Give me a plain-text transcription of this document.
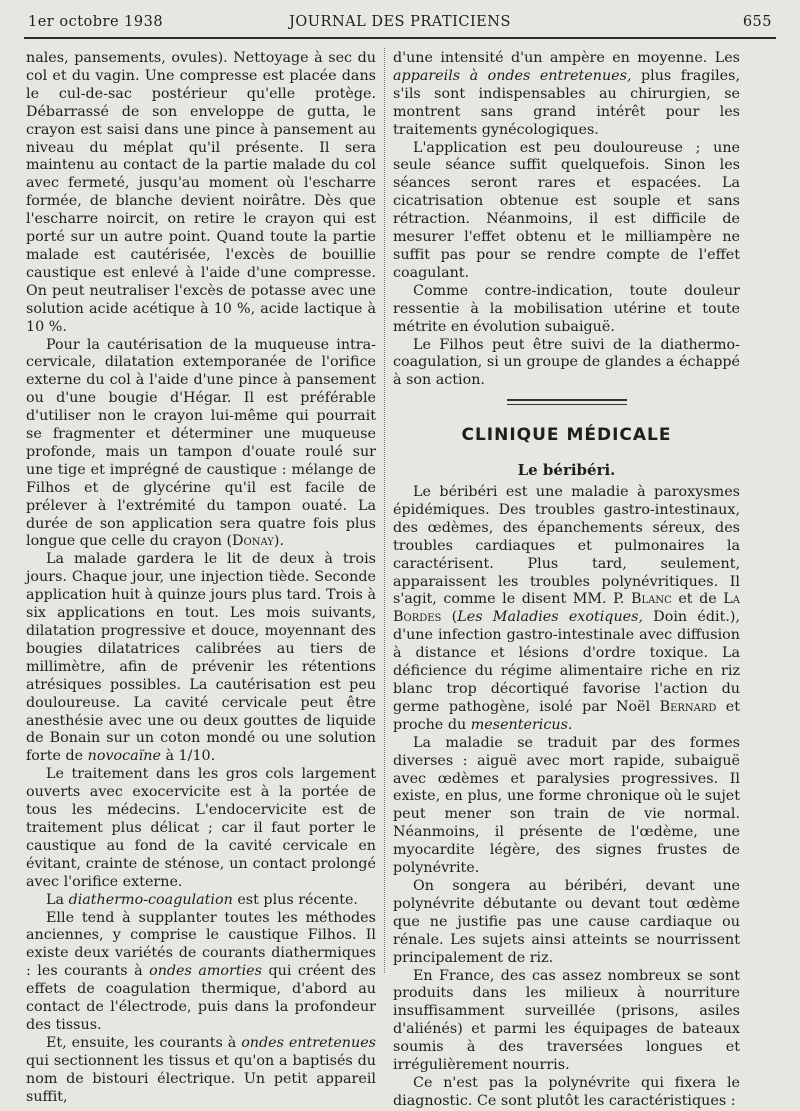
1er octobre 1938	JOURNAL DES PRATICIENS	655

nales, pansements, ovules). Nettoyage à sec du col et du vagin. Une compresse est placée dans le cul-de-sac postérieur qu'elle protège. Débarrassé de son enveloppe de gutta, le crayon est saisi dans une pince à pansement au niveau du méplat qu'il présente. Il sera maintenu au contact de la partie malade du col avec fermeté, jusqu'au moment où l'escharre formée, de blanche devient noirâtre. Dès que l'escharre noircit, on retire le crayon qui est porté sur un autre point. Quand toute la partie malade est cautérisée, l'excès de bouillie caustique est enlevé à l'aide d'une compresse. On peut neutraliser l'excès de potasse avec une solution acide acétique à 10 %, acide lactique à 10 %.

Pour la cautérisation de la muqueuse intra-cervicale, dilatation extemporanée de l'orifice externe du col à l'aide d'une pince à pansement ou d'une bougie d'Hégar. Il est préférable d'utiliser non le crayon lui-même qui pourrait se fragmenter et déterminer une muqueuse profonde, mais un tampon d'ouate roulé sur une tige et imprégné de caustique : mélange de Filhos et de glycérine qu'il est facile de prélever à l'extrémité du tampon ouaté. La durée de son application sera quatre fois plus longue que celle du crayon (Donay).

La malade gardera le lit de deux à trois jours. Chaque jour, une injection tiède. Seconde application huit à quinze jours plus tard. Trois à six applications en tout. Les mois suivants, dilatation progressive et douce, moyennant des bougies dilatatrices calibrées au tiers de millimètre, afin de prévenir les rétentions atrésiques possibles. La cautérisation est peu douloureuse. La cavité cervicale peut être anesthésie avec une ou deux gouttes de liquide de Bonain sur un coton mondé ou une solution forte de novocaïne à 1/10.

Le traitement dans les gros cols largement ouverts avec exocervicite est à la portée de tous les médecins. L'endocervicite est de traitement plus délicat ; car il faut porter le caustique au fond de la cavité cervicale en évitant, crainte de sténose, un contact prolongé avec l'orifice externe.

La diathermo-coagulation est plus récente.

Elle tend à supplanter toutes les méthodes anciennes, y comprise le caustique Filhos. Il existe deux variétés de courants diathermiques : les courants à ondes amorties qui créent des effets de coagulation thermique, d'abord au contact de l'électrode, puis dans la profondeur des tissus.

Et, ensuite, les courants à ondes entretenues qui sectionnent les tissus et qu'on a baptisés du nom de bistouri électrique. Un petit appareil suffit,

d'une intensité d'un ampère en moyenne. Les appareils à ondes entretenues, plus fragiles, s'ils sont indispensables au chirurgien, se montrent sans grand intérêt pour les traitements gynécologiques.

L'application est peu douloureuse ; une seule séance suffit quelquefois. Sinon les séances seront rares et espacées. La cicatrisation obtenue est souple et sans rétraction. Néanmoins, il est difficile de mesurer l'effet obtenu et le milliampère ne suffit pas pour se rendre compte de l'effet coagulant.

Comme contre-indication, toute douleur ressentie à la mobilisation utérine et toute métrite en évolution subaiguë.

Le Filhos peut être suivi de la diathermo-coagulation, si un groupe de glandes a échappé à son action.

CLINIQUE MÉDICALE
Le béribéri.

Le béribéri est une maladie à paroxysmes épidémiques. Des troubles gastro-intestinaux, des œdèmes, des épanchements séreux, des troubles cardiaques et pulmonaires la caractérisent. Plus tard, seulement, apparaissent les troubles polynévritiques. Il s'agit, comme le disent MM. P. Blanc et de La Bordes (Les Maladies exotiques, Doin édit.), d'une infection gastro-intestinale avec diffusion à distance et lésions d'ordre toxique. La déficience du régime alimentaire riche en riz blanc trop décortiqué favorise l'action du germe pathogène, isolé par Noël Bernard et proche du mesentericus.

La maladie se traduit par des formes diverses : aiguë avec mort rapide, subaiguë avec œdèmes et paralysies progressives. Il existe, en plus, une forme chronique où le sujet peut mener son train de vie normal. Néanmoins, il présente de l'œdème, une myocardite légère, des signes frustes de polynévrite.

On songera au béribéri, devant une polynévrite débutante ou devant tout œdème que ne justifie pas une cause cardiaque ou rénale. Les sujets ainsi atteints se nourrissent principalement de riz.

En France, des cas assez nombreux se sont produits dans les milieux à nourriture insuffisamment surveillée (prisons, asiles d'aliénés) et parmi les équipages de bateaux soumis à des traversées longues et irrégulièrement nourris.

Ce n'est pas la polynévrite qui fixera le diagnostic. Ce sont plutôt les caractéristiques :
